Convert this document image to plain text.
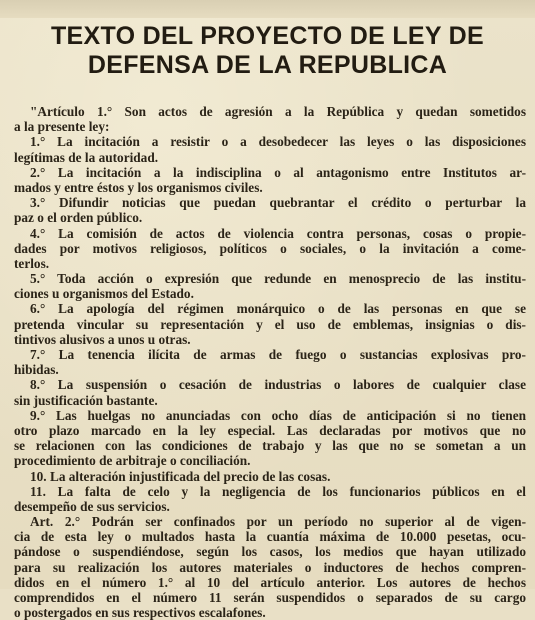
TEXTO DEL PROYECTO DE LEY DE
DEFENSA DE LA REPUBLICA
"Artículo 1.° Son actos de agresión a la República y quedan sometidos
a la presente ley:
1.° La incitación a resistir o a desobedecer las leyes o las disposiciones
legítimas de la autoridad.
2.° La incitación a la indisciplina o al antagonismo entre Institutos ar-
mados y entre éstos y los organismos civiles.
3.° Difundir noticias que puedan quebrantar el crédito o perturbar la
paz o el orden público.
4.° La comisión de actos de violencia contra personas, cosas o propie-
dades por motivos religiosos, políticos o sociales, o la invitación a come-
terlos.
5.° Toda acción o expresión que redunde en menosprecio de las institu-
ciones u organismos del Estado.
6.° La apología del régimen monárquico o de las personas en que se
pretenda vincular su representación y el uso de emblemas, insignias o dis-
tintivos alusivos a unos u otras.
7.° La tenencia ilícita de armas de fuego o sustancias explosivas pro-
hibidas.
8.° La suspensión o cesación de industrias o labores de cualquier clase
sin justificación bastante.
9.° Las huelgas no anunciadas con ocho días de anticipación si no tienen
otro plazo marcado en la ley especial. Las declaradas por motivos que no
se relacionen con las condiciones de trabajo y las que no se sometan a un
procedimiento de arbitraje o conciliación.
10. La alteración injustificada del precio de las cosas.
11. La falta de celo y la negligencia de los funcionarios públicos en el
desempeño de sus servicios.
Art. 2.° Podrán ser confinados por un período no superior al de vigen-
cia de esta ley o multados hasta la cuantía máxima de 10.000 pesetas, ocu-
pándose o suspendiéndose, según los casos, los medios que hayan utilizado
para su realización los autores materiales o inductores de hechos compren-
didos en el número 1.° al 10 del artículo anterior. Los autores de hechos
comprendidos en el número 11 serán suspendidos o separados de su cargo
o postergados en sus respectivos escalafones.
